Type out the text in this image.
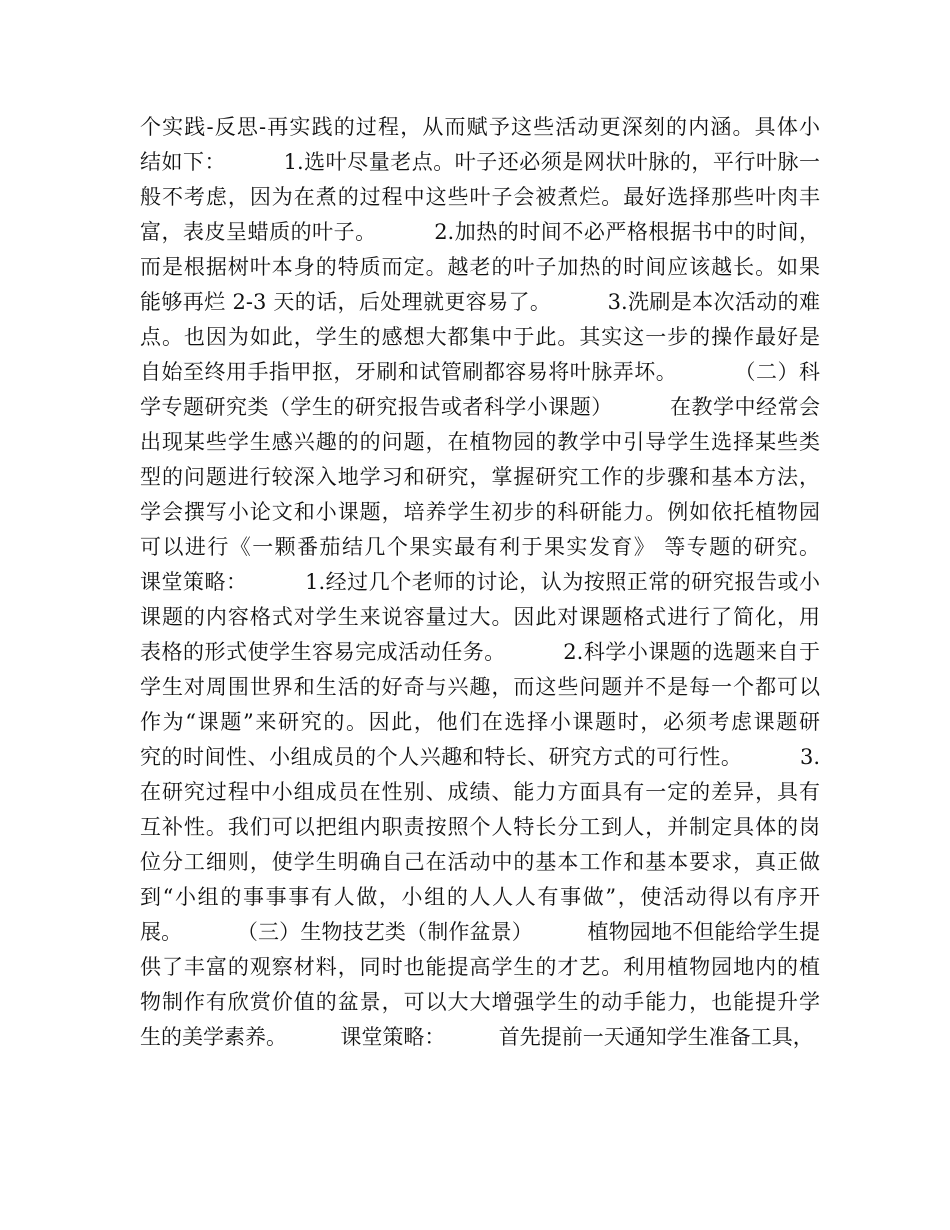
个实践-反思-再实践的过程，从而赋予这些活动更深刻的内涵。具体小
结如下：        1.选叶尽量老点。叶子还必须是网状叶脉的，平行叶脉一
般不考虑，因为在煮的过程中这些叶子会被煮烂。最好选择那些叶肉丰
富，表皮呈蜡质的叶子。        2.加热的时间不必严格根据书中的时间，
而是根据树叶本身的特质而定。越老的叶子加热的时间应该越长。如果
能够再烂 2-3 天的话，后处理就更容易了。        3.洗刷是本次活动的难
点。也因为如此，学生的感想大都集中于此。其实这一步的操作最好是
自始至终用手指甲抠，牙刷和试管刷都容易将叶脉弄坏。        （二）科
学专题研究类（学生的研究报告或者科学小课题）        在教学中经常会
出现某些学生感兴趣的的问题，在植物园的教学中引导学生选择某些类
型的问题进行较深入地学习和研究，掌握研究工作的步骤和基本方法，
学会撰写小论文和小课题，培养学生初步的科研能力。例如依托植物园
可以进行《一颗番茄结几个果实最有利于果实发育》 等专题的研究。
课堂策略：        1.经过几个老师的讨论，认为按照正常的研究报告或小
课题的内容格式对学生来说容量过大。因此对课题格式进行了简化，用
表格的形式使学生容易完成活动任务。        2.科学小课题的选题来自于
学生对周围世界和生活的好奇与兴趣，而这些问题并不是每一个都可以
作为“课题”来研究的。因此，他们在选择小课题时，必须考虑课题研
究的时间性、小组成员的个人兴趣和特长、研究方式的可行性。        3.
在研究过程中小组成员在性别、成绩、能力方面具有一定的差异，具有
互补性。我们可以把组内职责按照个人特长分工到人，并制定具体的岗
位分工细则，使学生明确自己在活动中的基本工作和基本要求，真正做
到“小组的事事事有人做，小组的人人人有事做”，使活动得以有序开
展。        （三）生物技艺类（制作盆景）        植物园地不但能给学生提
供了丰富的观察材料，同时也能提高学生的才艺。利用植物园地内的植
物制作有欣赏价值的盆景，可以大大增强学生的动手能力，也能提升学
生的美学素养。        课堂策略：        首先提前一天通知学生准备工具，
